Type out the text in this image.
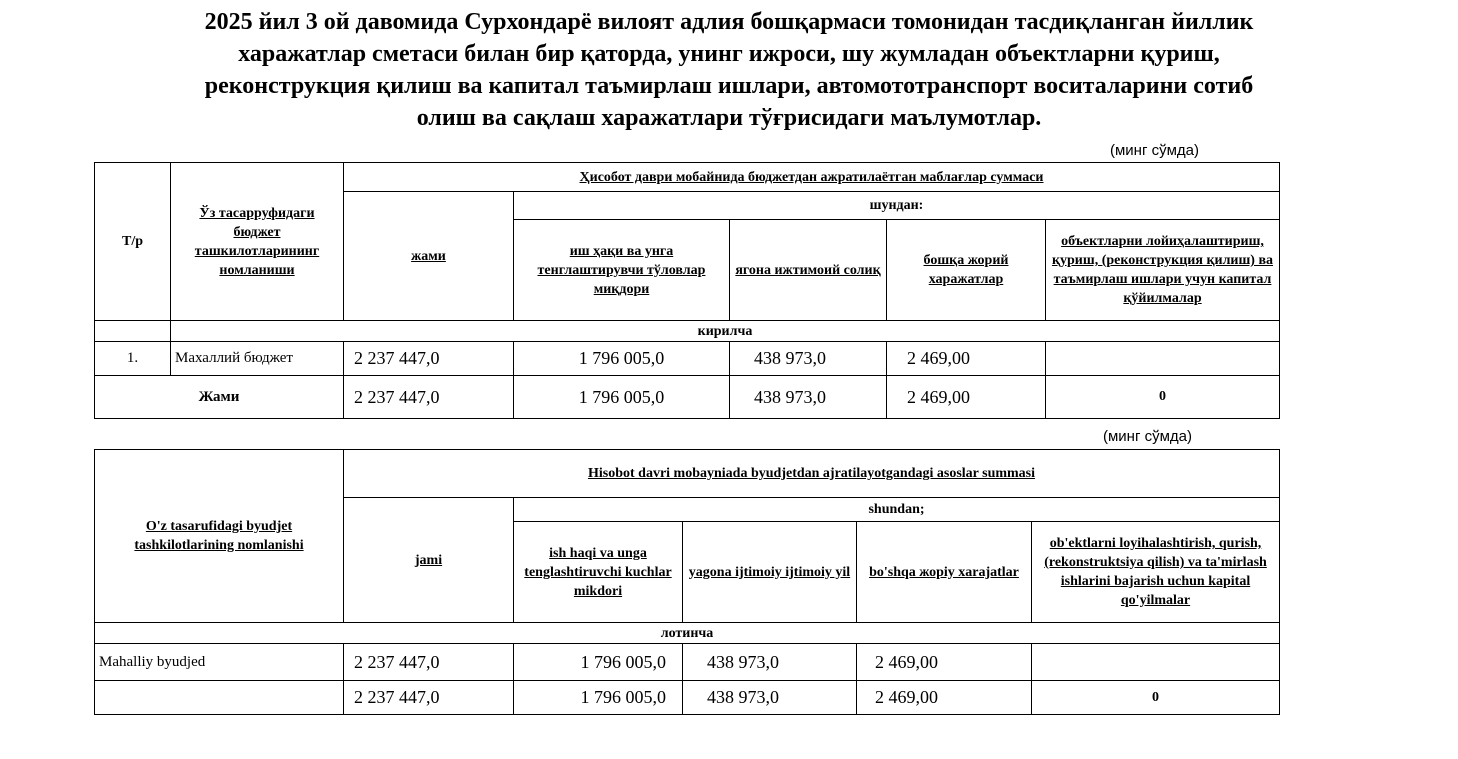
2025 йил 3 ой давомида Сурхондарё вилоят адлия бошқармаси томонидан тасдиқланган йиллик
харажатлар сметаси билан бир қаторда, унинг ижроси, шу жумладан объектларни қуриш,
реконструкция қилиш ва капитал таъмирлаш ишлари, автомототранспорт воситаларини сотиб
олиш ва сақлаш харажатлари тўғрисидаги маълумотлар.
(минг сўмда)
Т/р	Ўз тасарруфидаги бюджет ташкилотларининг номланиши	Ҳисобот даври мобайнида бюджетдан ажратилаётган маблағлар суммаси				
		жами	шундан:			
			иш ҳақи ва унга тенглаштирувчи тўловлар миқдори	ягона ижтимоий солиқ	бошқа жорий харажатлар	объектларни лойиҳалаштириш, қуриш, (реконструкция қилиш) ва таъмирлаш ишлари учун капитал қўйилмалар
	кирилча					
1.	Махаллий бюджет	2 237 447,0	1 796 005,0	438 973,0	2 469,00	
Жами		2 237 447,0	1 796 005,0	438 973,0	2 469,00	0
(минг сўмда)
O'z tasarufidagi byudjet tashkilotlarining nomlanishi	Hisobot davri mobayniada byudjetdan ajratilayotgandagi asoslar summasi				
	jami	shundan;			
		ish haqi va unga tenglashtiruvchi kuchlar mikdori	yagona ijtimoiy ijtimoiy yil	bo'shqa жорiy xarajatlar	ob'ektlarni loyihalashtirish, qurish, (rekonstruktsiya qilish) va ta'mirlash ishlarini bajarish uchun kapital qo'yilmalar
лотинча					
Mahalliy byudjed	2 237 447,0	1 796 005,0	438 973,0	2 469,00	
	2 237 447,0	1 796 005,0	438 973,0	2 469,00	0
